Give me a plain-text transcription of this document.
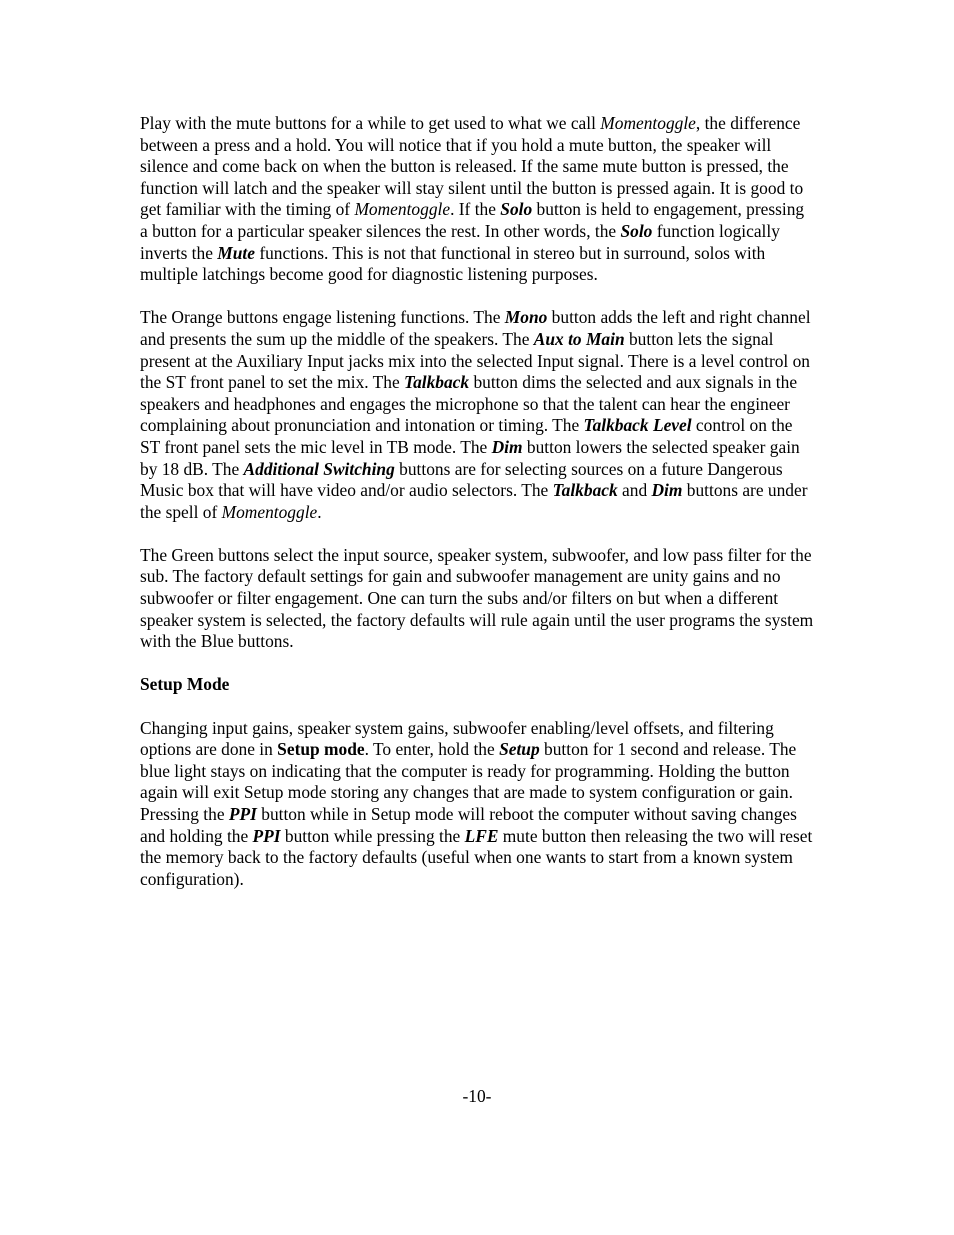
Play with the mute buttons for a while to get used to what we call Momentoggle, the difference between a press and a hold. You will notice that if you hold a mute button, the speaker will silence and come back on when the button is released. If the same mute button is pressed, the function will latch and the speaker will stay silent until the button is pressed again. It is good to get familiar with the timing of Momentoggle. If the Solo button is held to engagement, pressing a button for a particular speaker silences the rest. In other words, the Solo function logically inverts the Mute functions. This is not that functional in stereo but in surround, solos with multiple latchings become good for diagnostic listening purposes.

The Orange buttons engage listening functions. The Mono button adds the left and right channel and presents the sum up the middle of the speakers. The Aux to Main button lets the signal present at the Auxiliary Input jacks mix into the selected Input signal. There is a level control on the ST front panel to set the mix. The Talkback button dims the selected and aux signals in the speakers and headphones and engages the microphone so that the talent can hear the engineer complaining about pronunciation and intonation or timing. The Talkback Level control on the ST front panel sets the mic level in TB mode. The Dim button lowers the selected speaker gain by 18 dB. The Additional Switching buttons are for selecting sources on a future Dangerous Music box that will have video and/or audio selectors. The Talkback and Dim buttons are under the spell of Momentoggle.

The Green buttons select the input source, speaker system, subwoofer, and low pass filter for the sub. The factory default settings for gain and subwoofer management are unity gains and no subwoofer or filter engagement. One can turn the subs and/or filters on but when a different speaker system is selected, the factory defaults will rule again until the user programs the system with the Blue buttons.

Setup Mode

Changing input gains, speaker system gains, subwoofer enabling/level offsets, and filtering options are done in Setup mode. To enter, hold the Setup button for 1 second and release. The blue light stays on indicating that the computer is ready for programming. Holding the button again will exit Setup mode storing any changes that are made to system configuration or gain. Pressing the PPI button while in Setup mode will reboot the computer without saving changes and holding the PPI button while pressing the LFE mute button then releasing the two will reset the memory back to the factory defaults (useful when one wants to start from a known system configuration).

-10-
